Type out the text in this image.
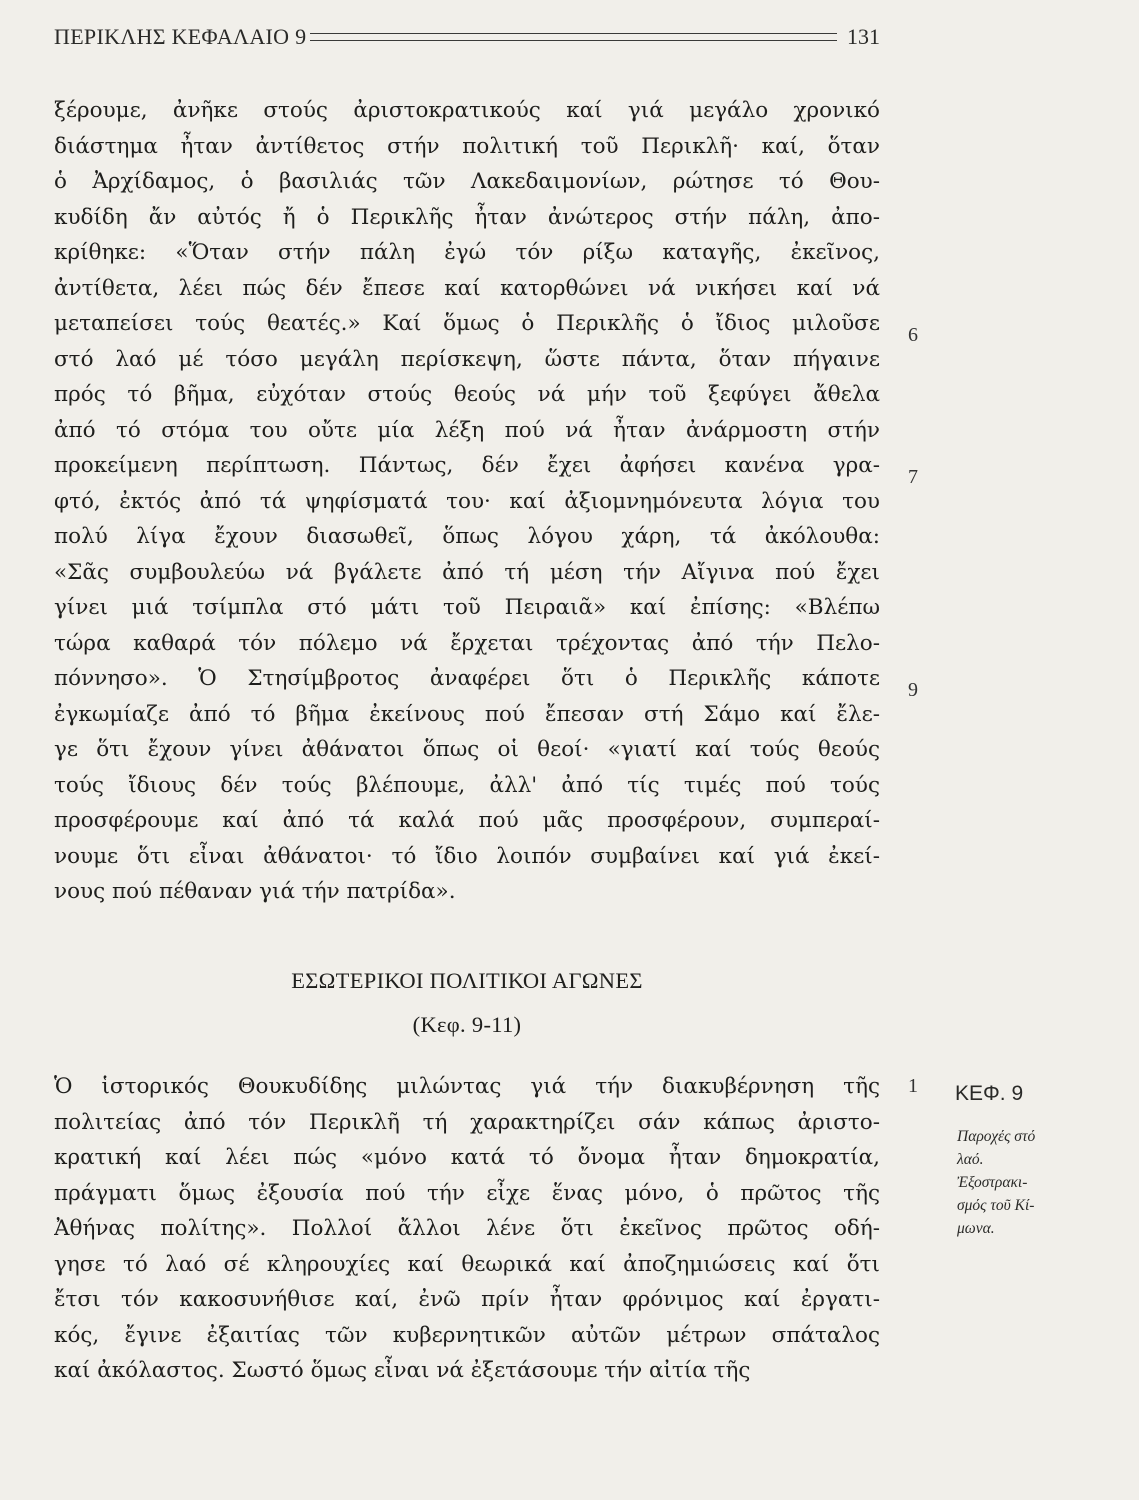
ΠΕΡΙΚΛΗΣ ΚΕΦΑΛΑΙΟ 9	131
ξέρουμε, ἀνῆκε στούς ἀριστοκρατικούς καί γιά μεγάλο χρονικό
διάστημα ἦταν ἀντίθετος στήν πολιτική τοῦ Περικλῆ· καί, ὅταν
ὁ Ἀρχίδαμος, ὁ βασιλιάς τῶν Λακεδαιμονίων, ρώτησε τό Θου-
κυδίδη ἄν αὐτός ἤ ὁ Περικλῆς ἦταν ἀνώτερος στήν πάλη, ἀπο-
κρίθηκε: «Ὅταν στήν πάλη ἐγώ τόν ρίξω καταγῆς, ἐκεῖνος,
ἀντίθετα, λέει πώς δέν ἔπεσε καί κατορθώνει νά νικήσει καί νά
μεταπείσει τούς θεατές.» Καί ὅμως ὁ Περικλῆς ὁ ἴδιος μιλοῦσε
στό λαό μέ τόσο μεγάλη περίσκεψη, ὥστε πάντα, ὅταν πήγαινε
πρός τό βῆμα, εὐχόταν στούς θεούς νά μήν τοῦ ξεφύγει ἄθελα
ἀπό τό στόμα του οὔτε μία λέξη πού νά ἦταν ἀνάρμοστη στήν
προκείμενη περίπτωση. Πάντως, δέν ἔχει ἀφήσει κανένα γρα-
φτό, ἐκτός ἀπό τά ψηφίσματά του· καί ἀξιομνημόνευτα λόγια του
πολύ λίγα ἔχουν διασωθεῖ, ὅπως λόγου χάρη, τά ἀκόλουθα:
«Σᾶς συμβουλεύω νά βγάλετε ἀπό τή μέση τήν Αἴγινα πού ἔχει
γίνει μιά τσίμπλα στό μάτι τοῦ Πειραιᾶ» καί ἐπίσης: «Βλέπω
τώρα καθαρά τόν πόλεμο νά ἔρχεται τρέχοντας ἀπό τήν Πελο-
πόννησο». Ὁ Στησίμβροτος ἀναφέρει ὅτι ὁ Περικλῆς κάποτε
ἐγκωμίαζε ἀπό τό βῆμα ἐκείνους πού ἔπεσαν στή Σάμο καί ἔλε-
γε ὅτι ἔχουν γίνει ἀθάνατοι ὅπως οἱ θεοί· «γιατί καί τούς θεούς
τούς ἴδιους δέν τούς βλέπουμε, ἀλλ' ἀπό τίς τιμές πού τούς
προσφέρουμε καί ἀπό τά καλά πού μᾶς προσφέρουν, συμπεραί-
νουμε ὅτι εἶναι ἀθάνατοι· τό ἴδιο λοιπόν συμβαίνει καί γιά ἐκεί-
νους πού πέθαναν γιά τήν πατρίδα».
6
7
9
ΕΣΩΤΕΡΙΚΟΙ ΠΟΛΙΤΙΚΟΙ ΑΓΩΝΕΣ
(Κεφ. 9-11)
Ὁ ἱστορικός Θουκυδίδης μιλώντας γιά τήν διακυβέρνηση τῆς
πολιτείας ἀπό τόν Περικλῆ τή χαρακτηρίζει σάν κάπως ἀριστο-
κρατική καί λέει πώς «μόνο κατά τό ὄνομα ἦταν δημοκρατία,
πράγματι ὅμως ἐξουσία πού τήν εἶχε ἕνας μόνο, ὁ πρῶτος τῆς
Ἀθήνας πολίτης». Πολλοί ἄλλοι λένε ὅτι ἐκεῖνος πρῶτος οδή-
γησε τό λαό σέ κληρουχίες καί θεωρικά καί ἀποζημιώσεις καί ὅτι
ἔτσι τόν κακοσυνήθισε καί, ἐνῶ πρίν ἦταν φρόνιμος καί ἐργατι-
κός, ἔγινε ἐξαιτίας τῶν κυβερνητικῶν αὐτῶν μέτρων σπάταλος
καί ἀκόλαστος. Σωστό ὅμως εἶναι νά ἐξετάσουμε τήν αἰτία τῆς
1	ΚΕΦ. 9
Παροχές στό
λαό.
Ἐξοστρακι-
σμός τοῦ Κί-
μωνα.
